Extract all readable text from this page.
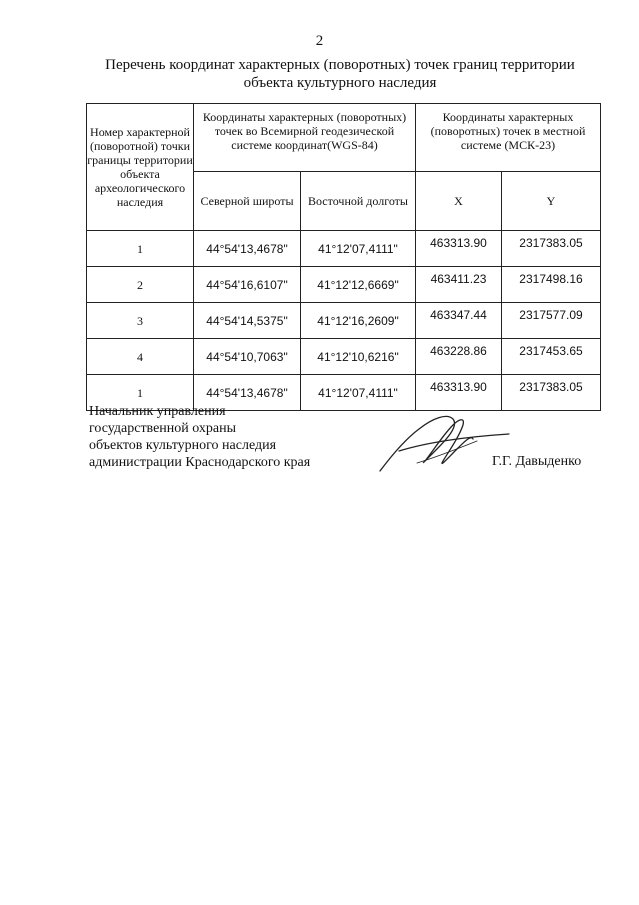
2
Перечень координат характерных (поворотных) точек границ территории
объекта культурного наследия
Номер характерной (поворотной) точки границы территории объекта археологического наследия	Координаты характерных (поворотных) точек во Всемирной геодезической системе координат(WGS-84)		Координаты характерных (поворотных) точек в местной системе (МСК-23)	
	Северной широты	Восточной долготы	X	Y
1	44°54'13,4678"	41°12'07,4111"	463313.90	2317383.05
2	44°54'16,6107"	41°12'12,6669"	463411.23	2317498.16
3	44°54'14,5375"	41°12'16,2609"	463347.44	2317577.09
4	44°54'10,7063"	41°12'10,6216"	463228.86	2317453.65
1	44°54'13,4678"	41°12'07,4111"	463313.90	2317383.05
Начальник управления
государственной охраны
объектов культурного наследия
администрации Краснодарского края	Г.Г. Давыденко
